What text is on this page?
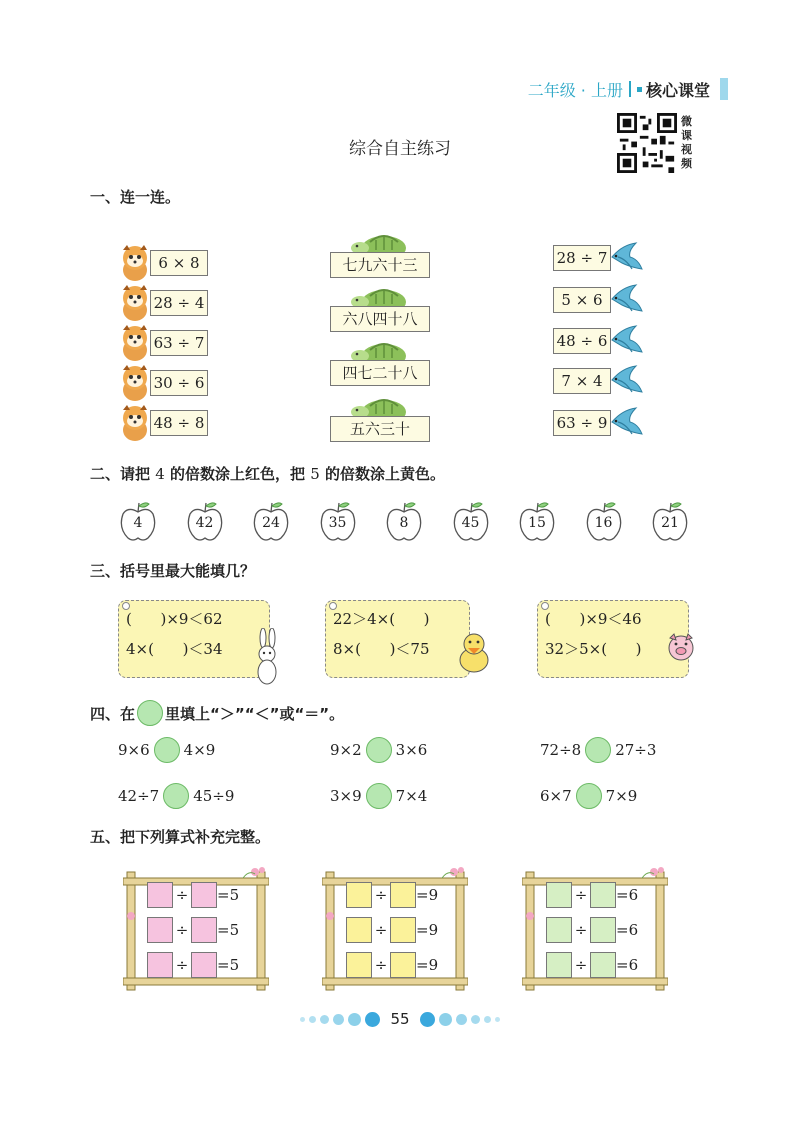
二年级 · 上册 核心课堂
综合自主练习
微课视频
一、连一连。
二、请把 4 的倍数涂上红色，把 5 的倍数涂上黄色。
三、括号里最大能填几？
四、在 里填上“＞”“＜”或“＝”。
五、把下列算式补充完整。
55
6 × 8
28 ÷ 4
63 ÷ 7
30 ÷ 6
48 ÷ 8
七九六十三
六八四十八
四七二十八
五六三十
28 ÷ 7
5 × 6
48 ÷ 6
7 × 4
63 ÷ 9
4	42	24	35	8	45	15	16	21
(      )×9＜62
4×(      )＜34
22＞4×(      )
8×(      )＜75
(      )×9＜46
32＞5×(      )
9×6 4×9	9×2 3×6	72÷8 27÷3
42÷7 45÷9	3×9 7×4	6×7 7×9
÷ =5
÷ =5
÷ =5
÷ =9
÷ =9
÷ =9
÷ =6
÷ =6
÷ =6
